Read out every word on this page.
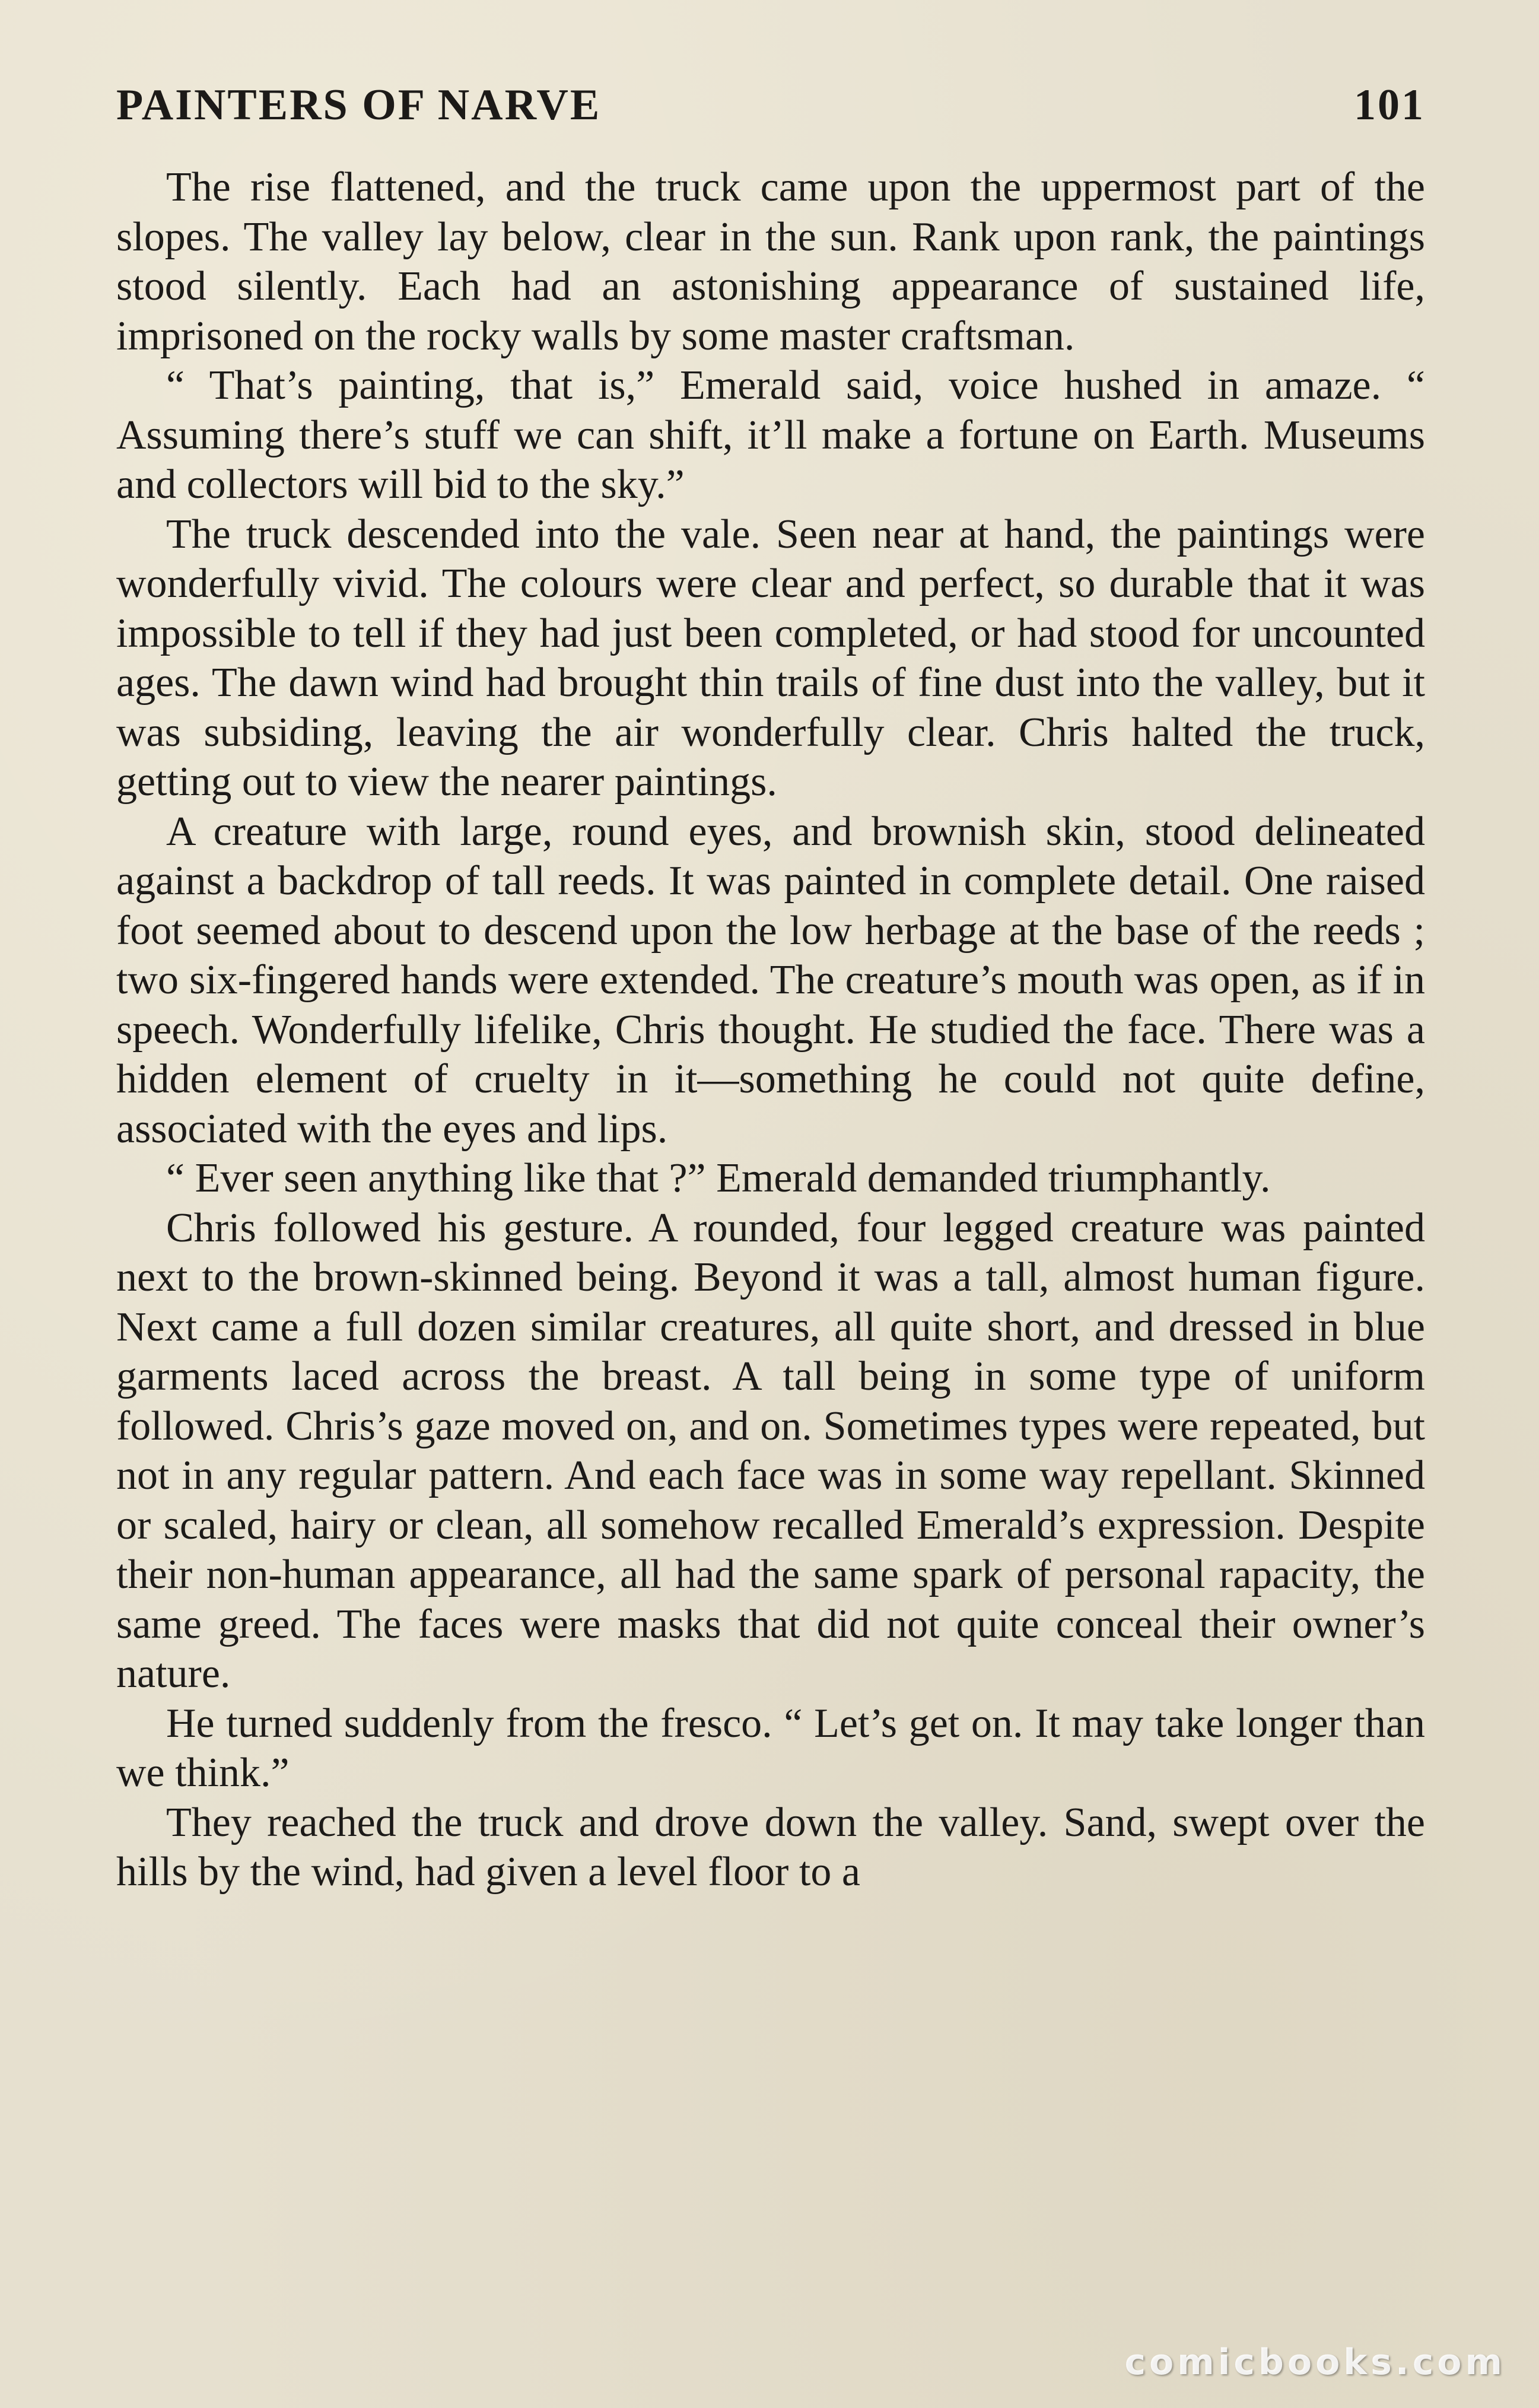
PAINTERS OF NARVE	101

The rise flattened, and the truck came upon the uppermost part of the slopes. The valley lay below, clear in the sun. Rank upon rank, the paintings stood silently. Each had an astonishing appearance of sustained life, imprisoned on the rocky walls by some master craftsman.

“ That’s painting, that is,” Emerald said, voice hushed in amaze. “ Assuming there’s stuff we can shift, it’ll make a fortune on Earth. Museums and collectors will bid to the sky.”

The truck descended into the vale. Seen near at hand, the paintings were wonderfully vivid. The colours were clear and perfect, so durable that it was impossible to tell if they had just been completed, or had stood for uncounted ages. The dawn wind had brought thin trails of fine dust into the valley, but it was subsiding, leaving the air wonderfully clear. Chris halted the truck, getting out to view the nearer paintings.

A creature with large, round eyes, and brownish skin, stood delineated against a backdrop of tall reeds. It was painted in complete detail. One raised foot seemed about to descend upon the low herbage at the base of the reeds ; two six-fingered hands were extended. The creature’s mouth was open, as if in speech. Wonderfully lifelike, Chris thought. He studied the face. There was a hidden element of cruelty in it—something he could not quite define, associated with the eyes and lips.

“ Ever seen anything like that ?” Emerald demanded triumphantly.

Chris followed his gesture. A rounded, four legged creature was painted next to the brown-skinned being. Beyond it was a tall, almost human figure. Next came a full dozen similar creatures, all quite short, and dressed in blue garments laced across the breast. A tall being in some type of uniform followed. Chris’s gaze moved on, and on. Sometimes types were repeated, but not in any regular pattern. And each face was in some way repellant. Skinned or scaled, hairy or clean, all somehow recalled Emerald’s expression. Despite their non-human appearance, all had the same spark of personal rapacity, the same greed. The faces were masks that did not quite conceal their owner’s nature.

He turned suddenly from the fresco. “ Let’s get on. It may take longer than we think.”

They reached the truck and drove down the valley. Sand, swept over the hills by the wind, had given a level floor to a

comicbooks.com
